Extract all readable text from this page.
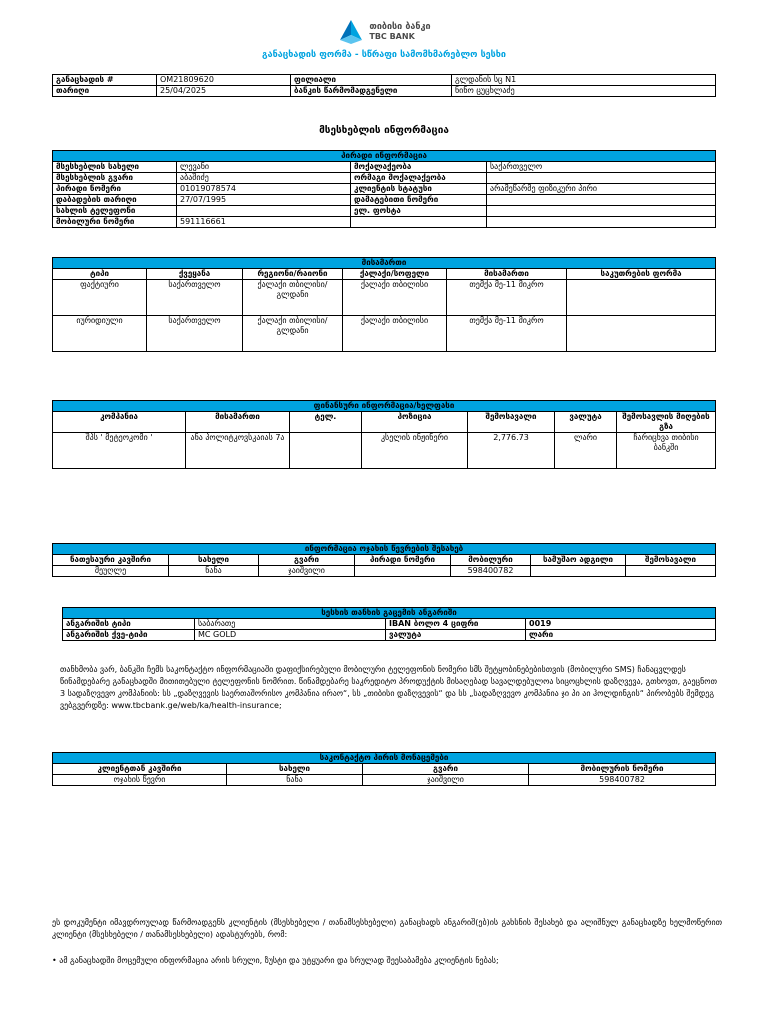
თიბისი ბანკი
TBC BANK
განაცხადის ფორმა - სწრაფი სამომხმარებლო სესხი
განაცხადის #	OM21809620	ფილიალი	გლდანის სც N1
თარიღი	25/04/2025	ბანკის წარმომადგენელი	ნინო ცუცხლაძე
მსესხებლის ინფორმაცია
პირადი ინფორმაცია			
მსესხებლის სახელი	ლევანი	მოქალაქეობა	საქართველო
მსესხებლის გვარი	აბაშიძე	ორმაგი მოქალაქეობა	
პირადი ნომერი	01019078574	კლიენტის სტატუსი	არამეწარმე ფიზიკური პირი
დაბადების თარიღი	27/07/1995	დამატებითი ნომერი	
სახლის ტელეფონი		ელ. ფოსტა	
მობილური ნომერი	591116661		
მისამართი					
ტიპი	ქვეყანა	რეგიონი/რაიონი	ქალაქი/სოფელი	მისამართი	საკუთრების ფორმა
ფაქტიური	საქართველო	ქალაქი თბილისი/გლდანი	ქალაქი თბილისი	თემქა მე-11 მიკრო	
იურიდიული	საქართველო	ქალაქი თბილისი/გლდანი	ქალაქი თბილისი	თემქა მე-11 მიკრო	
ფინანსური ინფორმაცია/ხელფასი						
კომპანია	მისამართი	ტელ.	პოზიცია	შემოსავალი	ვალუტა	შემოსავლის მიღების გზა
შპს ' მეტეოკომი '	ანა პოლიტკოვსკაიას 7ა		კსელის ინჟინერი	2,776.73	ლარი	ჩარიცხვა თიბისი ბანკში
ინფორმაცია ოჯახის წევრების შესახებ						
ნათესაური კავშირი	სახელი	გვარი	პირადი ნომერი	მობილური	სამუშაო ადგილი	შემოსავალი
მეუღლე	ნანა	ჯაიშვილი		598400782		
სესხის თანხის გაცემის ანგარიში			
ანგარიშის ტიპი	საბარათე	IBAN ბოლო 4 ციფრი	0019
ანგარიშის ქვე-ტიპი	MC GOLD	ვალუტა	ლარი
თანხმობა ვარ, ბანკში ჩემს საკონტაქტო ინფორმაციაში დაფიქსირებული მობილური ტელეფონის ნომერი სმს შეტყობინებებისთვის (მობილური SMS) ჩანაცვლდეს წინამდებარე განაცხადში მითითებული ტელეფონის ნომრით. წინამდებარე საკრედიტო პროდუქტის მისაღებად სავალდებულოა სიცოცხლის დაზღვევა, გთხოვთ, გაეცნოთ 3 სადაზღვევო კომპანიის: სს „დაზღვევის საერთაშორისო კომპანია ირაო“, სს „თიბისი დაზღვევის“ და სს „სადაზღვევო კომპანია ჯი პი აი ჰოლდინგის“ პირობებს შემდეგ ვებგვერდზე: www.tbcbank.ge/web/ka/health-insurance;
საკონტაქტო პირის მონაცემები			
კლიენტთან კავშირი	სახელი	გვარი	მობილურის ნომერი
ოჯახის წევრი	ნანა	ჯაიშვილი	598400782
ეს დოკუმენტი იმავდროულად წარმოადგენს კლიენტის (მსესხებელი / თანამსესხებელი) განაცხადს ანგარიშ(ებ)ის გახსნის შესახებ და ალიშნულ განაცხადზე ხელმოწერით კლიენტი (მსესხებელი / თანამსესხებელი) ადასტურებს, რომ:
• ამ განაცხადში მოცემული ინფორმაცია არის სრული, ზუსტი და უტყუარი და სრულად შეესაბამება კლიენტის ნებას;
